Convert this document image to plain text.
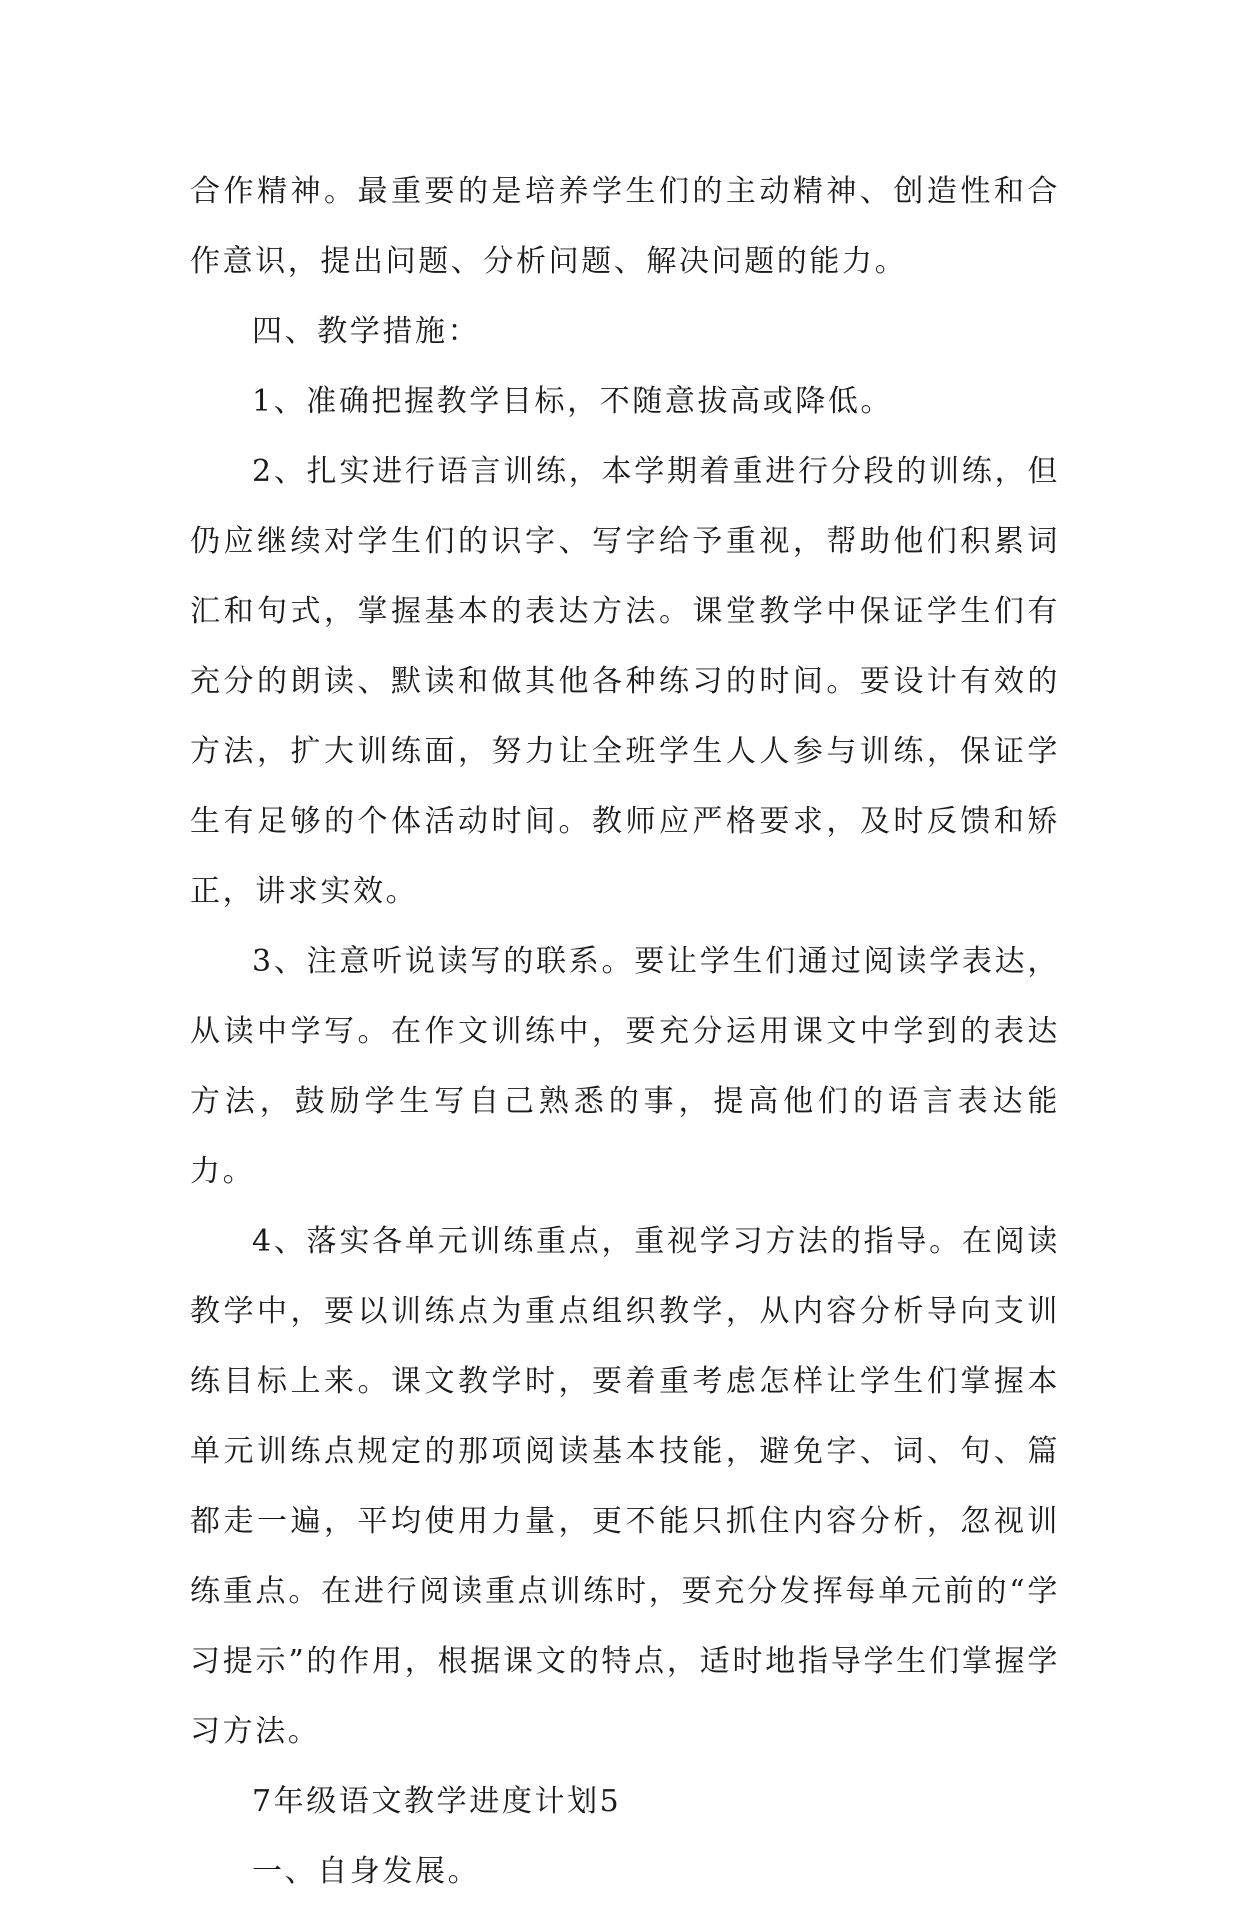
合作精神。最重要的是培养学生们的主动精神、创造性和合作意识，提出问题、分析问题、解决问题的能力。

四、教学措施：

1、准确把握教学目标，不随意拔高或降低。

2、扎实进行语言训练，本学期着重进行分段的训练，但仍应继续对学生们的识字、写字给予重视，帮助他们积累词汇和句式，掌握基本的表达方法。课堂教学中保证学生们有充分的朗读、默读和做其他各种练习的时间。要设计有效的方法，扩大训练面，努力让全班学生人人参与训练，保证学生有足够的个体活动时间。教师应严格要求，及时反馈和矫正，讲求实效。

3、注意听说读写的联系。要让学生们通过阅读学表达，从读中学写。在作文训练中，要充分运用课文中学到的表达方法，鼓励学生写自己熟悉的事，提高他们的语言表达能力。

4、落实各单元训练重点，重视学习方法的指导。在阅读教学中，要以训练点为重点组织教学，从内容分析导向支训练目标上来。课文教学时，要着重考虑怎样让学生们掌握本单元训练点规定的那项阅读基本技能，避免字、词、句、篇都走一遍，平均使用力量，更不能只抓住内容分析，忽视训练重点。在进行阅读重点训练时，要充分发挥每单元前的“学习提示”的作用，根据课文的特点，适时地指导学生们掌握学习方法。

7年级语文教学进度计划5

一、自身发展。
